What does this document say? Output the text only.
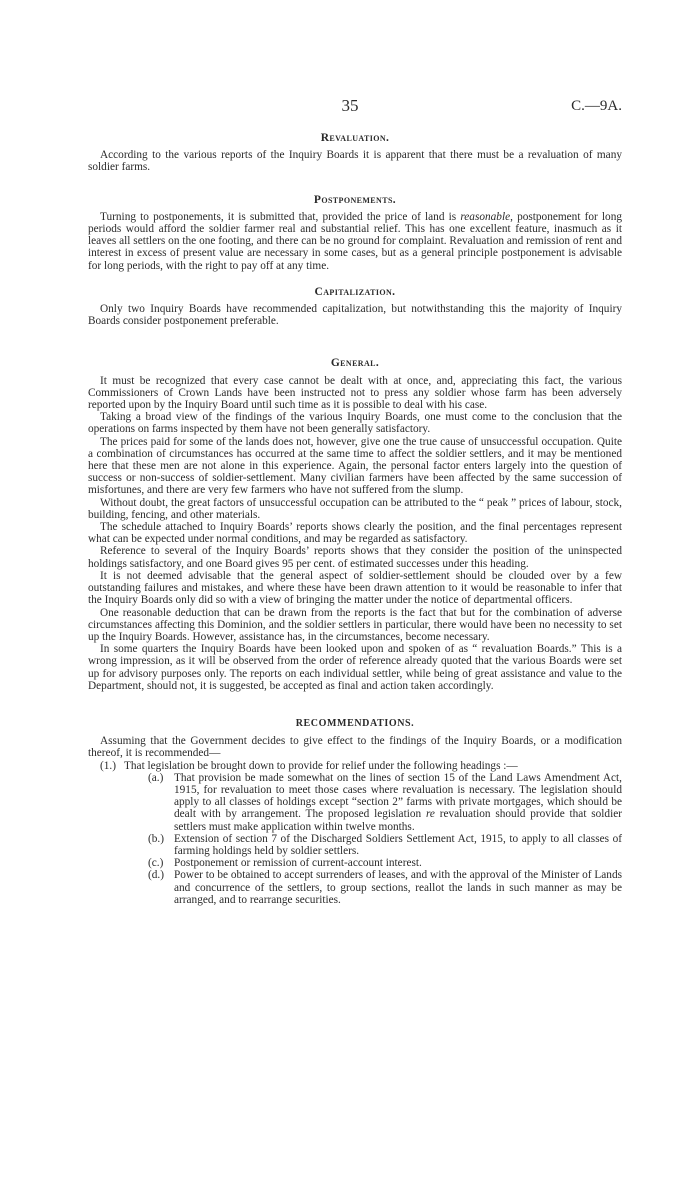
35	C.—9A.
Revaluation.

According to the various reports of the Inquiry Boards it is apparent that there must be a revaluation of many soldier farms.

Postponements.

Turning to postponements, it is submitted that, provided the price of land is reasonable, postponement for long periods would afford the soldier farmer real and substantial relief. This has one excellent feature, inasmuch as it leaves all settlers on the one footing, and there can be no ground for complaint. Revaluation and remission of rent and interest in excess of present value are necessary in some cases, but as a general principle postponement is advisable for long periods, with the right to pay off at any time.

Capitalization.

Only two Inquiry Boards have recommended capitalization, but notwithstanding this the majority of Inquiry Boards consider postponement preferable.

General.

It must be recognized that every case cannot be dealt with at once, and, appreciating this fact, the various Commissioners of Crown Lands have been instructed not to press any soldier whose farm has been adversely reported upon by the Inquiry Board until such time as it is possible to deal with his case.

Taking a broad view of the findings of the various Inquiry Boards, one must come to the conclusion that the operations on farms inspected by them have not been generally satisfactory.

The prices paid for some of the lands does not, however, give one the true cause of unsuccessful occupation. Quite a combination of circumstances has occurred at the same time to affect the soldier settlers, and it may be mentioned here that these men are not alone in this experience. Again, the personal factor enters largely into the question of success or non-success of soldier-settlement. Many civilian farmers have been affected by the same succession of misfortunes, and there are very few farmers who have not suffered from the slump.

Without doubt, the great factors of unsuccessful occupation can be attributed to the “ peak ” prices of labour, stock, building, fencing, and other materials.

The schedule attached to Inquiry Boards’ reports shows clearly the position, and the final percentages represent what can be expected under normal conditions, and may be regarded as satisfactory.

Reference to several of the Inquiry Boards’ reports shows that they consider the position of the uninspected holdings satisfactory, and one Board gives 95 per cent. of estimated successes under this heading.

It is not deemed advisable that the general aspect of soldier-settlement should be clouded over by a few outstanding failures and mistakes, and where these have been drawn attention to it would be reasonable to infer that the Inquiry Boards only did so with a view of bringing the matter under the notice of departmental officers.

One reasonable deduction that can be drawn from the reports is the fact that but for the combination of adverse circumstances affecting this Dominion, and the soldier settlers in particular, there would have been no necessity to set up the Inquiry Boards. However, assistance has, in the circumstances, become necessary.

In some quarters the Inquiry Boards have been looked upon and spoken of as “ revaluation Boards.” This is a wrong impression, as it will be observed from the order of reference already quoted that the various Boards were set up for advisory purposes only. The reports on each individual settler, while being of great assistance and value to the Department, should not, it is suggested, be accepted as final and action taken accordingly.

RECOMMENDATIONS.

Assuming that the Government decides to give effect to the findings of the Inquiry Boards, or a modification thereof, it is recommended—

(1.) That legislation be brought down to provide for relief under the following headings :—

(a.) That provision be made somewhat on the lines of section 15 of the Land Laws Amendment Act, 1915, for revaluation to meet those cases where revaluation is necessary. The legislation should apply to all classes of holdings except “section 2” farms with private mortgages, which should be dealt with by arrangement. The proposed legislation re revaluation should provide that soldier settlers must make application within twelve months.

(b.) Extension of section 7 of the Discharged Soldiers Settlement Act, 1915, to apply to all classes of farming holdings held by soldier settlers.

(c.) Postponement or remission of current-account interest.

(d.) Power to be obtained to accept surrenders of leases, and with the approval of the Minister of Lands and concurrence of the settlers, to group sections, reallot the lands in such manner as may be arranged, and to rearrange securities.
